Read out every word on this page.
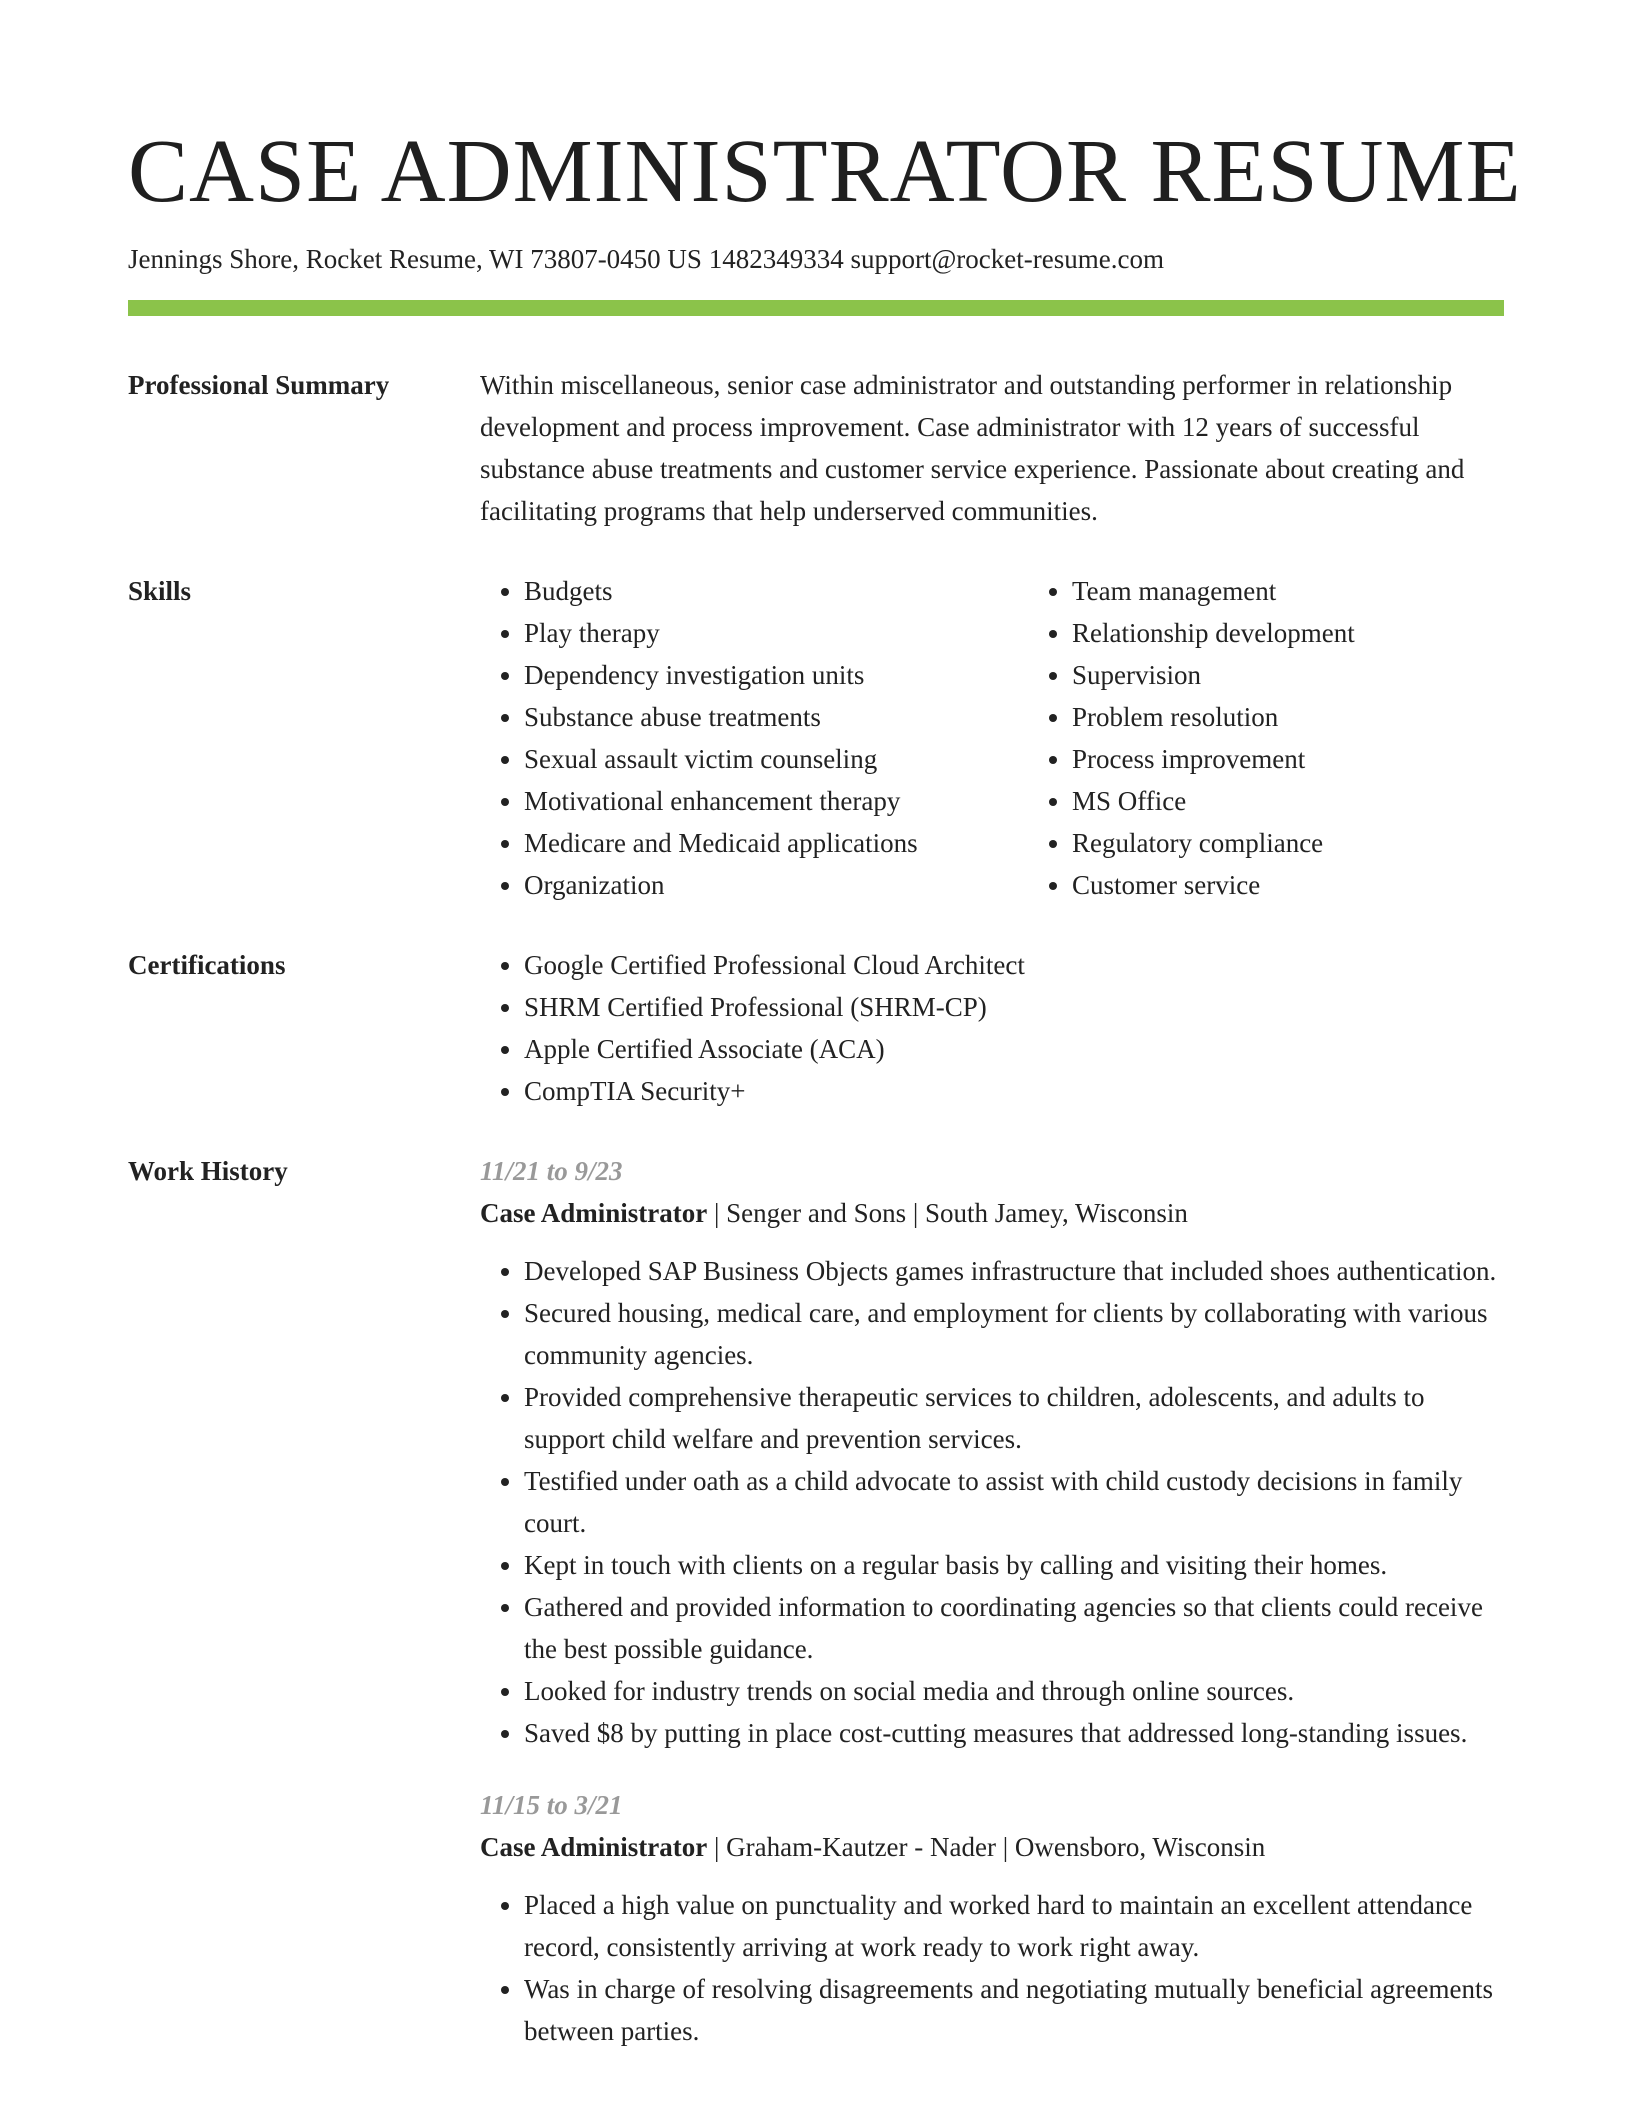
CASE ADMINISTRATOR RESUME
Jennings Shore, Rocket Resume, WI 73807-0450 US 1482349334 support@rocket-resume.com
Professional Summary	Within miscellaneous, senior case administrator and outstanding performer in relationship development and process improvement. Case administrator with 12 years of successful substance abuse treatments and customer service experience. Passionate about creating and facilitating programs that help underserved communities.

Skills	• Budgets
• Play therapy
• Dependency investigation units
• Substance abuse treatments
• Sexual assault victim counseling
• Motivational enhancement therapy
• Medicare and Medicaid applications
• Organization
• Team management
• Relationship development
• Supervision
• Problem resolution
• Process improvement
• MS Office
• Regulatory compliance
• Customer service
Certifications	• Google Certified Professional Cloud Architect
• SHRM Certified Professional (SHRM-CP)
• Apple Certified Associate (ACA)
• CompTIA Security+
Work History	11/21 to 9/23
Case Administrator | Senger and Sons | South Jamey, Wisconsin
• Developed SAP Business Objects games infrastructure that included shoes authentication.
• Secured housing, medical care, and employment for clients by collaborating with various community agencies.
• Provided comprehensive therapeutic services to children, adolescents, and adults to support child welfare and prevention services.
• Testified under oath as a child advocate to assist with child custody decisions in family court.
• Kept in touch with clients on a regular basis by calling and visiting their homes.
• Gathered and provided information to coordinating agencies so that clients could receive the best possible guidance.
• Looked for industry trends on social media and through online sources.
• Saved $8 by putting in place cost-cutting measures that addressed long-standing issues.
11/15 to 3/21
Case Administrator | Graham-Kautzer - Nader | Owensboro, Wisconsin
• Placed a high value on punctuality and worked hard to maintain an excellent attendance record, consistently arriving at work ready to work right away.
• Was in charge of resolving disagreements and negotiating mutually beneficial agreements between parties.
